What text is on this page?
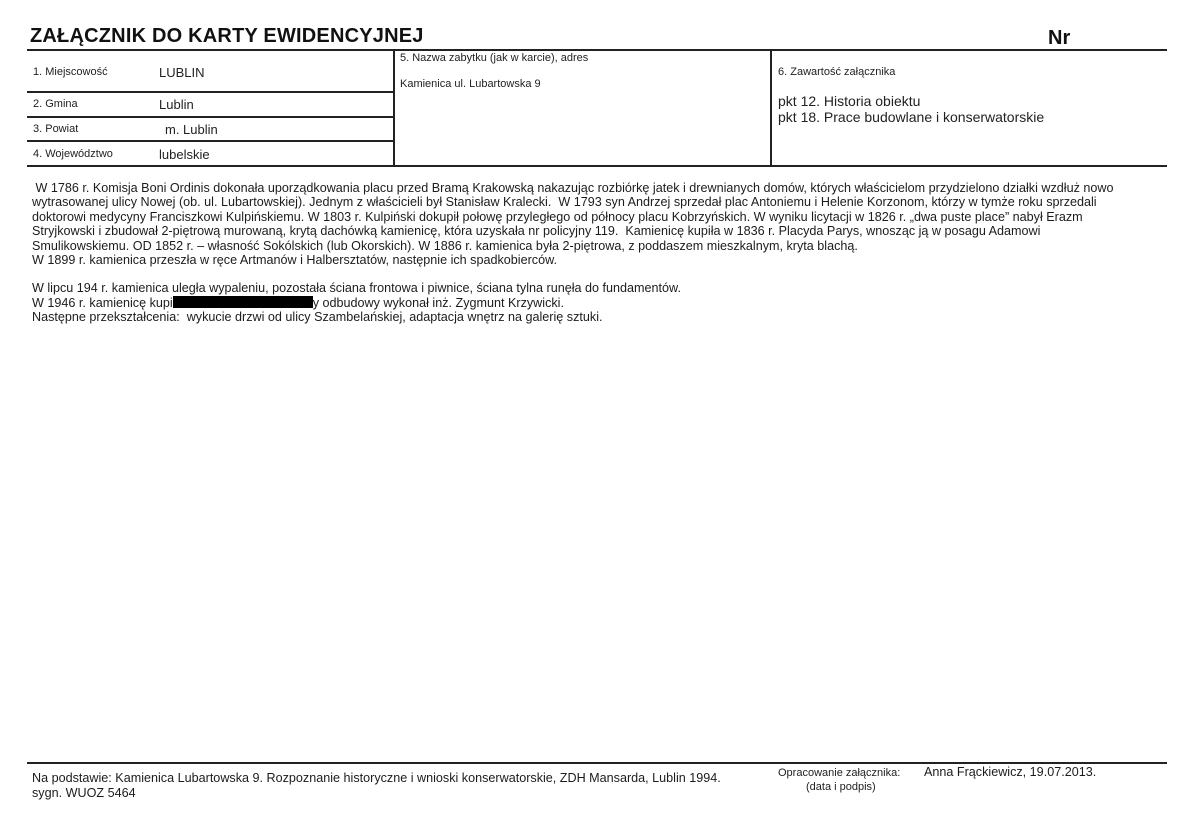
ZAŁĄCZNIK DO KARTY EWIDENCYJNEJ	Nr
1. Miejscowość	LUBLIN
2. Gmina	Lublin
3. Powiat	m. Lublin
4. Województwo	lubelskie
5. Nazwa zabytku (jak w karcie), adres
Kamienica ul. Lubartowska 9
6. Zawartość załącznika
pkt 12. Historia obiektu
pkt 18. Prace budowlane i konserwatorskie

W 1786 r. Komisja Boni Ordinis dokonała uporządkowania placu przed Bramą Krakowską nakazując rozbiórkę jatek i drewnianych domów, których właścicielom przydzielono działki wzdłuż nowo

wytrasowanej ulicy Nowej (ob. ul. Lubartowskiej). Jednym z właścicieli był Stanisław Kralecki.  W 1793 syn Andrzej sprzedał plac Antoniemu i Helenie Korzonom, którzy w tymże roku sprzedali

doktorowi medycyny Franciszkowi Kulpińskiemu. W 1803 r. Kulpiński dokupił połowę przyległego od północy placu Kobrzyńskich. W wyniku licytacji w 1826 r. „dwa puste place” nabył Erazm

Stryjkowski i zbudował 2-piętrową murowaną, krytą dachówką kamienicę, która uzyskała nr policyjny 119.  Kamienicę kupiła w 1836 r. Placyda Parys, wnosząc ją w posagu Adamowi

Smulikowskiemu. OD 1852 r. – własność Sokólskich (lub Okorskich). W 1886 r. kamienica była 2-piętrowa, z poddaszem mieszkalnym, kryta blachą.

W 1899 r. kamienica przeszła w ręce Artmanów i Halbersztatów, następnie ich spadkobierców.

W lipcu 194 r. kamienica uległa wypaleniu, pozostała ściana frontowa i piwnice, ściana tylna runęła do fundamentów.

W 1946 r. kamienicę kupi	y odbudowy wykonał inż. Zygmunt Krzywicki.

Następne przekształcenia:  wykucie drzwi od ulicy Szambelańskiej, adaptacja wnętrz na galerię sztuki.

Na podstawie: Kamienica Lubartowska 9. Rozpoznanie historyczne i wnioski konserwatorskie, ZDH Mansarda, Lublin 1994.
sygn. WUOZ 5464
Opracowanie załącznika:
(data i podpis)
Anna Frąckiewicz, 19.07.2013.
